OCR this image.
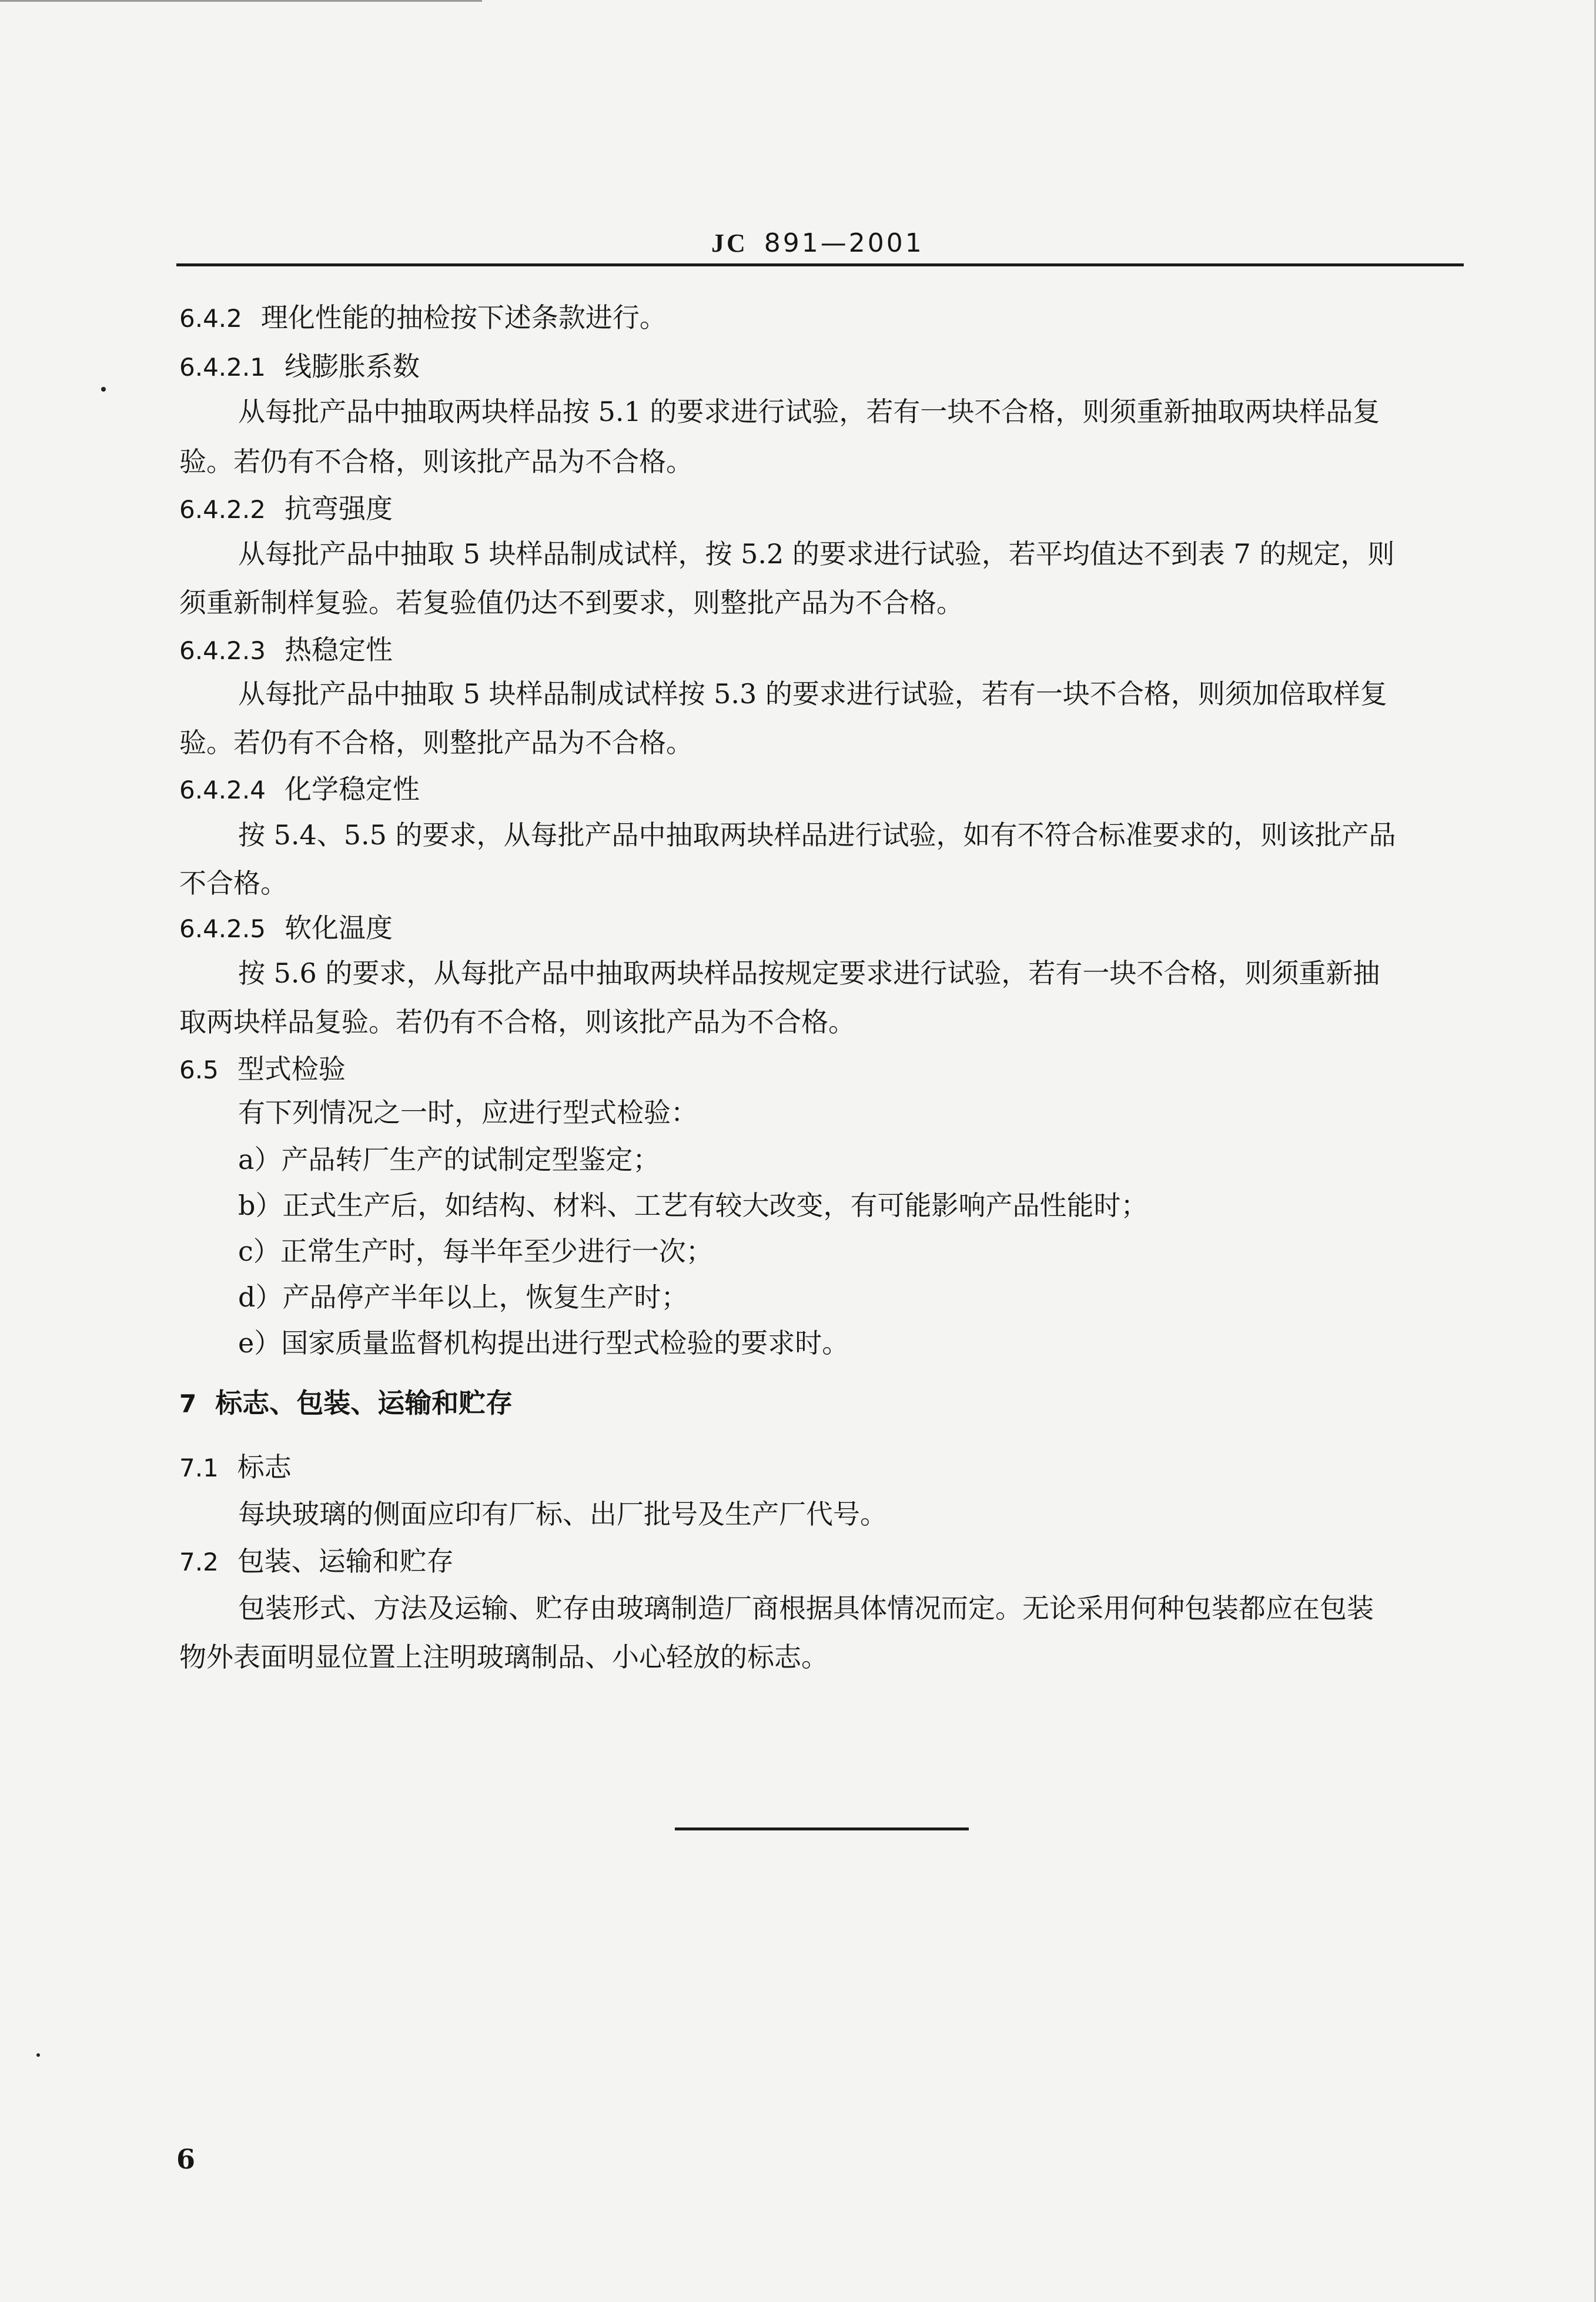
JC 891—2001
6.4.2 理化性能的抽检按下述条款进行。
6.4.2.1 线膨胀系数
从每批产品中抽取两块样品按 5.1 的要求进行试验，若有一块不合格，则须重新抽取两块样品复
验。若仍有不合格，则该批产品为不合格。
6.4.2.2 抗弯强度
从每批产品中抽取 5 块样品制成试样，按 5.2 的要求进行试验，若平均值达不到表 7 的规定，则
须重新制样复验。若复验值仍达不到要求，则整批产品为不合格。
6.4.2.3 热稳定性
从每批产品中抽取 5 块样品制成试样按 5.3 的要求进行试验，若有一块不合格，则须加倍取样复
验。若仍有不合格，则整批产品为不合格。
6.4.2.4 化学稳定性
按 5.4、5.5 的要求，从每批产品中抽取两块样品进行试验，如有不符合标准要求的，则该批产品
不合格。
6.4.2.5 软化温度
按 5.6 的要求，从每批产品中抽取两块样品按规定要求进行试验，若有一块不合格，则须重新抽
取两块样品复验。若仍有不合格，则该批产品为不合格。
6.5 型式检验
有下列情况之一时，应进行型式检验：
a）产品转厂生产的试制定型鉴定；
b）正式生产后，如结构、材料、工艺有较大改变，有可能影响产品性能时；
c）正常生产时，每半年至少进行一次；
d）产品停产半年以上，恢复生产时；
e）国家质量监督机构提出进行型式检验的要求时。
7 标志、包装、运输和贮存
7.1 标志
每块玻璃的侧面应印有厂标、出厂批号及生产厂代号。
7.2 包装、运输和贮存
包装形式、方法及运输、贮存由玻璃制造厂商根据具体情况而定。无论采用何种包装都应在包装
物外表面明显位置上注明玻璃制品、小心轻放的标志。
6
